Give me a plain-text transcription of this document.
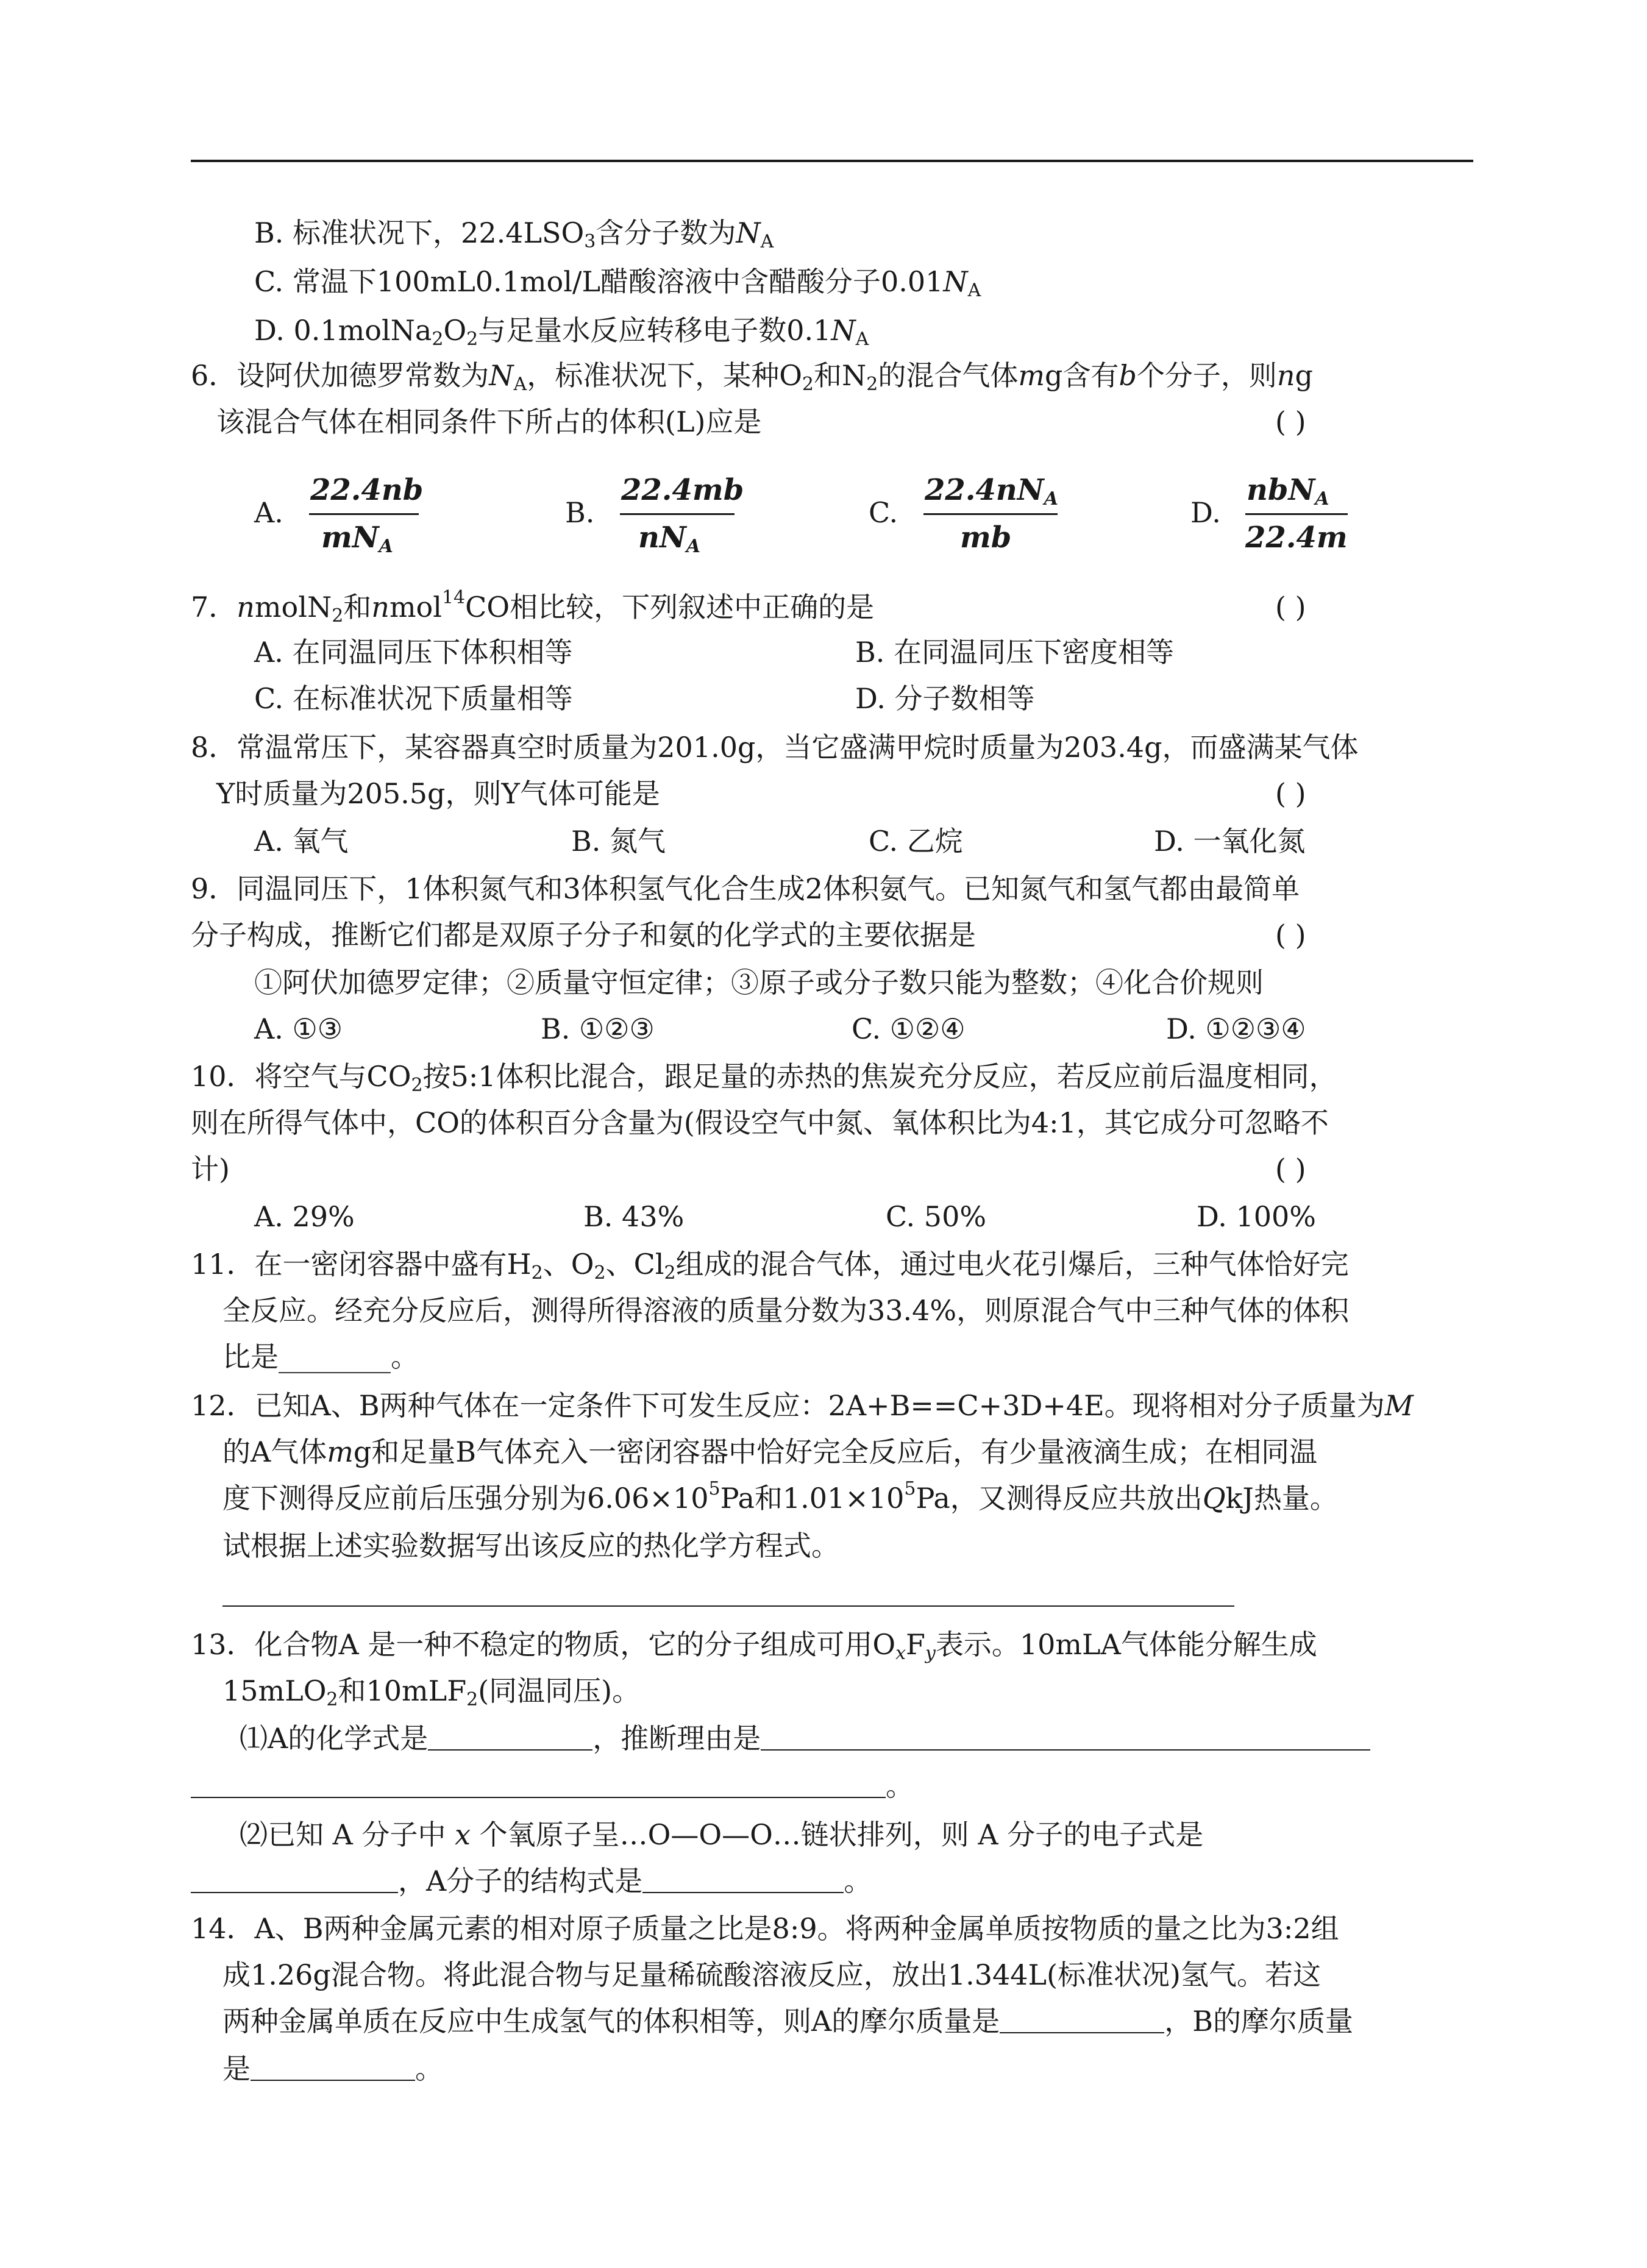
B. 标准状况下，$22.4LSO_3$含分子数为$N_A$
C. 常温下100mL0.1mol/L醋酸溶液中含醋酸分子$0.01N_A$
D. $0.1molNa_2O_2$与足量水反应转移电子数$0.1N_A$
6．设阿伏加德罗常数为$N_A$，标准状况下，某种$O_2$和$N_2$的混合气体mg含有b个分子，则ng
该混合气体在相同条件下所占的体积(L)应是	( )
A.
22.4nb
$mN_A$
B.
22.4mb
$nN_A$
C.
$22.4nN_A$
mb
D.
nbN$_A$
22.4m
7．nmolN$_2$和nmol$^{14}$CO相比较，下列叙述中正确的是	( )
A. 在同温同压下体积相等	B. 在同温同压下密度相等
C. 在标准状况下质量相等	D. 分子数相等
8．常温常压下，某容器真空时质量为201.0g，当它盛满甲烷时质量为203.4g，而盛满某气体
Y时质量为205.5g，则Y气体可能是	( )
A. 氧气	B. 氮气	C. 乙烷	D. 一氧化氮
9．同温同压下，1体积氮气和3体积氢气化合生成2体积氨气。已知氮气和氢气都由最简单
分子构成，推断它们都是双原子分子和氨的化学式的主要依据是	( )
①阿伏加德罗定律；②质量守恒定律；③原子或分子数只能为整数；④化合价规则
A. ①③	B. ①②③	C. ①②④	D. ①②③④
10．将空气与$CO_2$按5:1体积比混合，跟足量的赤热的焦炭充分反应，若反应前后温度相同，
则在所得气体中，CO的体积百分含量为(假设空气中氮、氧体积比为4:1，其它成分可忽略不
计)	( )
A. 29%	B. 43%	C. 50%	D. 100%
11．在一密闭容器中盛有$H_2$、$O_2$、$Cl_2$组成的混合气体，通过电火花引爆后，三种气体恰好完
全反应。经充分反应后，测得所得溶液的质量分数为33.4%，则原混合气中三种气体的体积
比是________。
12．已知A、B两种气体在一定条件下可发生反应：2A+B==C+3D+4E。现将相对分子质量为M
的A气体mg和足量B气体充入一密闭容器中恰好完全反应后，有少量液滴生成；在相同温
度下测得反应前后压强分别为$6.06\times 10^5Pa$和$1.01\times 10^5Pa$，又测得反应共放出QkJ热量。
试根据上述实验数据写出该反应的热化学方程式。
13．化合物A 是一种不稳定的物质，它的分子组成可用$O_xF_y$表示。10mLA气体能分解生成
15mLO$_2$和10mLF$_2$(同温同压)。
⑴A的化学式是	，推断理由是
。
⑵已知 A 分子中 x 个氧原子呈…O—O—O…链状排列，则 A 分子的电子式是
，A分子的结构式是	。
14．A、B两种金属元素的相对原子质量之比是8:9。将两种金属单质按物质的量之比为3:2组
成1.26g混合物。将此混合物与足量稀硫酸溶液反应，放出1.344L(标准状况)氢气。若这
两种金属单质在反应中生成氢气的体积相等，则A的摩尔质量是	，B的摩尔质量
是	。
